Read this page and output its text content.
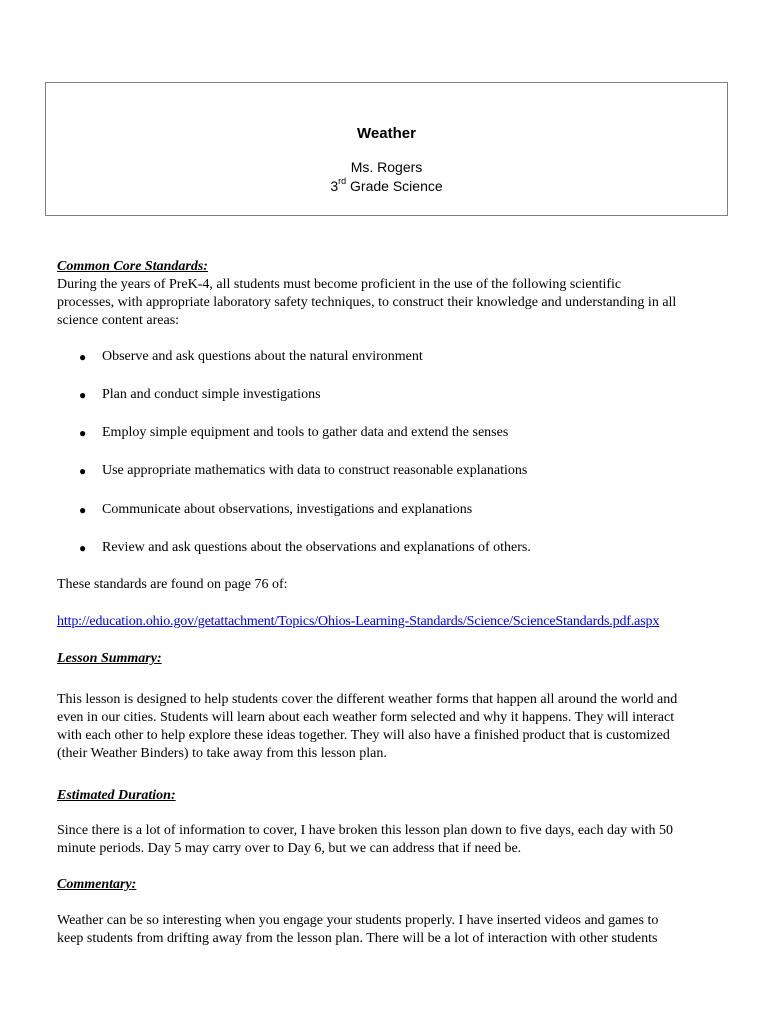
Weather
Ms. Rogers
3rd Grade Science
Common Core Standards:

During the years of PreK-4, all students must become proficient in the use of the following scientific

processes, with appropriate laboratory safety techniques, to construct their knowledge and understanding in all

science content areas:

● Observe and ask questions about the natural environment
● Plan and conduct simple investigations
● Employ simple equipment and tools to gather data and extend the senses
● Use appropriate mathematics with data to construct reasonable explanations
● Communicate about observations, investigations and explanations
● Review and ask questions about the observations and explanations of others.
These standards are found on page 76 of:
http://education.ohio.gov/getattachment/Topics/Ohios-Learning-Standards/Science/ScienceStandards.pdf.aspx
Lesson Summary:

This lesson is designed to help students cover the different weather forms that happen all around the world and

even in our cities. Students will learn about each weather form selected and why it happens. They will interact

with each other to help explore these ideas together. They will also have a finished product that is customized

(their Weather Binders) to take away from this lesson plan.

Estimated Duration:

Since there is a lot of information to cover, I have broken this lesson plan down to five days, each day with 50

minute periods. Day 5 may carry over to Day 6, but we can address that if need be.

Commentary:

Weather can be so interesting when you engage your students properly. I have inserted videos and games to

keep students from drifting away from the lesson plan. There will be a lot of interaction with other students
